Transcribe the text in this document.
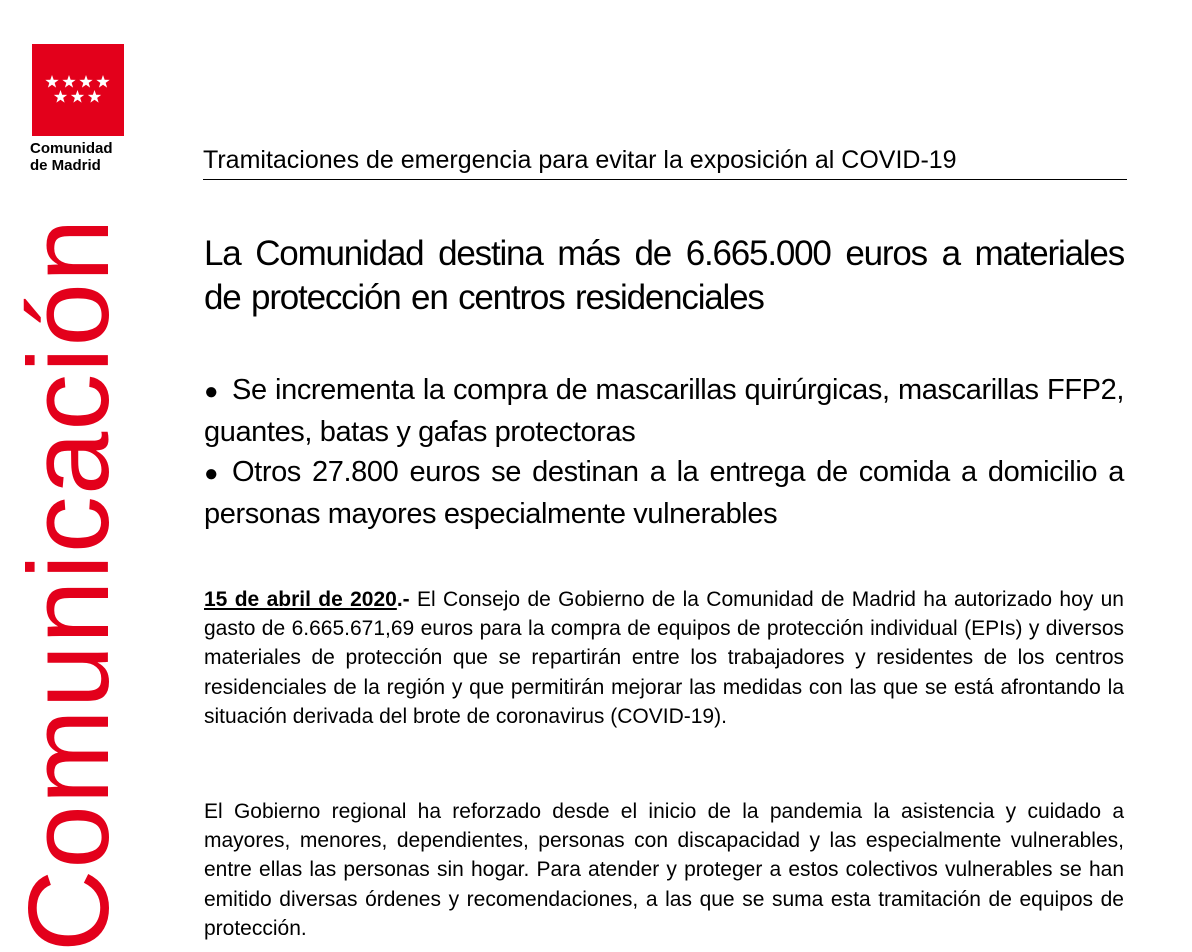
Comunidad
de Madrid
Comunicación
Tramitaciones de emergencia para evitar la exposición al COVID-19
La Comunidad destina más de 6.665.000 euros a materiales de protección en centros residenciales
● Se incrementa la compra de mascarillas quirúrgicas, mascarillas FFP2, guantes, batas y gafas protectoras
● Otros 27.800 euros se destinan a la entrega de comida a domicilio a personas mayores especialmente vulnerables

15 de abril de 2020.- El Consejo de Gobierno de la Comunidad de Madrid ha autorizado hoy un gasto de 6.665.671,69 euros para la compra de equipos de protección individual (EPIs) y diversos materiales de protección que se repartirán entre los trabajadores y residentes de los centros residenciales de la región y que permitirán mejorar las medidas con las que se está afrontando la situación derivada del brote de coronavirus (COVID-19).

El Gobierno regional ha reforzado desde el inicio de la pandemia la asistencia y cuidado a mayores, menores, dependientes, personas con discapacidad y las especialmente vulnerables, entre ellas las personas sin hogar. Para atender y proteger a estos colectivos vulnerables se han emitido diversas órdenes y recomendaciones, a las que se suma esta tramitación de equipos de protección.
